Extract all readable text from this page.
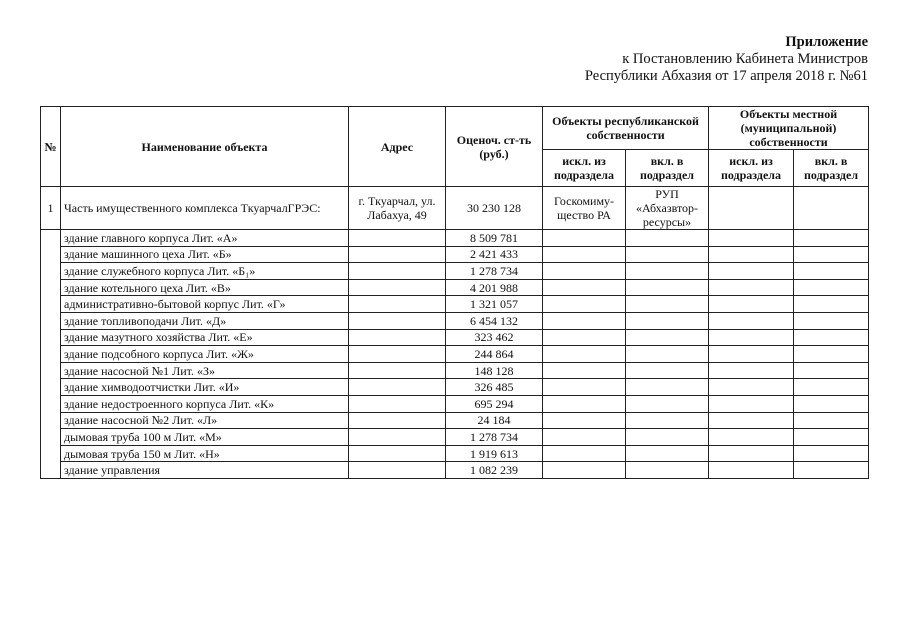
Приложение
к Постановлению Кабинета Министров
Республики Абхазия от 17 апреля 2018 г. №61
№	Наименование объекта	Адрес	Оценоч. ст-ть (руб.)	Объекты республиканской собственности		Объекты местной (муниципальной) собственности	
				искл. из подраздела	вкл. в подраздел	искл. из подраздела	вкл. в подраздел
1	Часть имущественного комплекса ТкуарчалГРЭС:	г. Ткуарчал, ул. Лабахуа, 49	30 230 128	Госкомиму-щество РА	РУП «Абхазвтор-ресурсы»		
	здание главного корпуса Лит. «А»		8 509 781				
	здание машинного цеха Лит. «Б»		2 421 433				
	здание служебного корпуса Лит. «Б₁»		1 278 734				
	здание котельного цеха Лит. «В»		4 201 988				
	административно-бытовой корпус Лит. «Г»		1 321 057				
	здание топливоподачи Лит. «Д»		6 454 132				
	здание мазутного хозяйства Лит. «Е»		323 462				
	здание подсобного корпуса Лит. «Ж»		244 864				
	здание насосной №1 Лит. «З»		148 128				
	здание химводоотчистки Лит. «И»		326 485				
	здание недостроенного корпуса Лит. «К»		695 294				
	здание насосной №2 Лит. «Л»		24 184				
	дымовая труба 100 м Лит. «М»		1 278 734				
	дымовая труба 150 м Лит. «Н»		1 919 613				
	здание управления		1 082 239				
